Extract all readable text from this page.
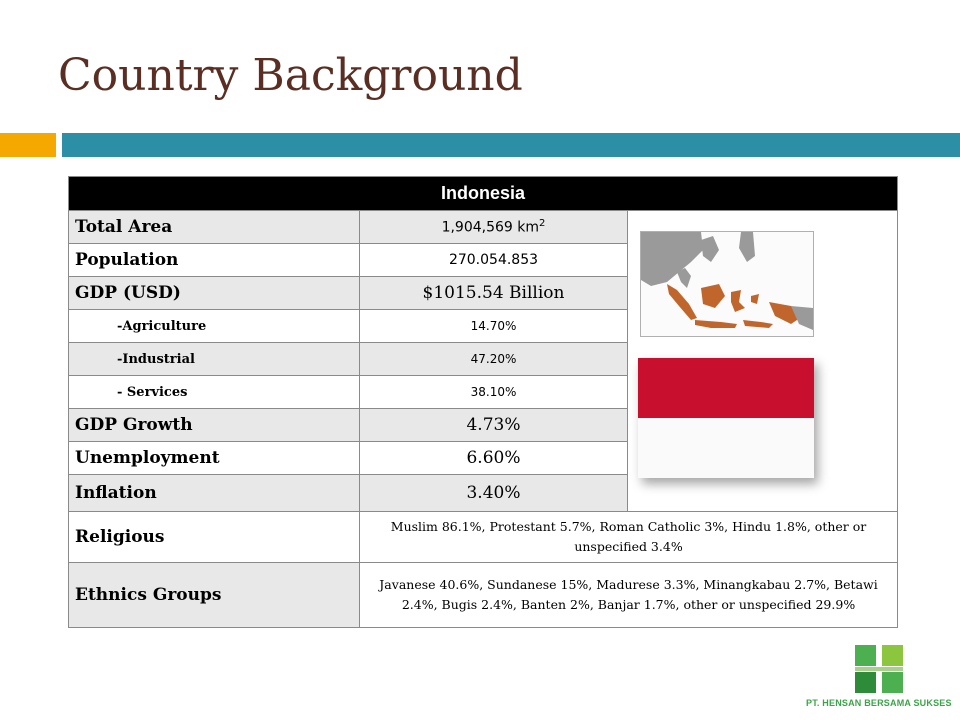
Country Background
Indonesia		
Total Area	1,904,569 $km^2$	

Population	270.054.853	
GDP (USD)	$1015.54 Billion	
-Agriculture	14.70%	
-Industrial	47.20%	
- Services	38.10%	
GDP Growth	4.73%	
Unemployment	6.60%	
Inflation	3.40%	
Religious	Muslim 86.1%, Protestant 5.7%, Roman Catholic 3%, Hindu 1.8%, other or unspecified 3.4%	
Ethnics Groups	Javanese 40.6%, Sundanese 15%, Madurese 3.3%, Minangkabau 2.7%, Betawi 2.4%, Bugis 2.4%, Banten 2%, Banjar 1.7%, other or unspecified 29.9%	
PT. HENSAN BERSAMA SUKSES
